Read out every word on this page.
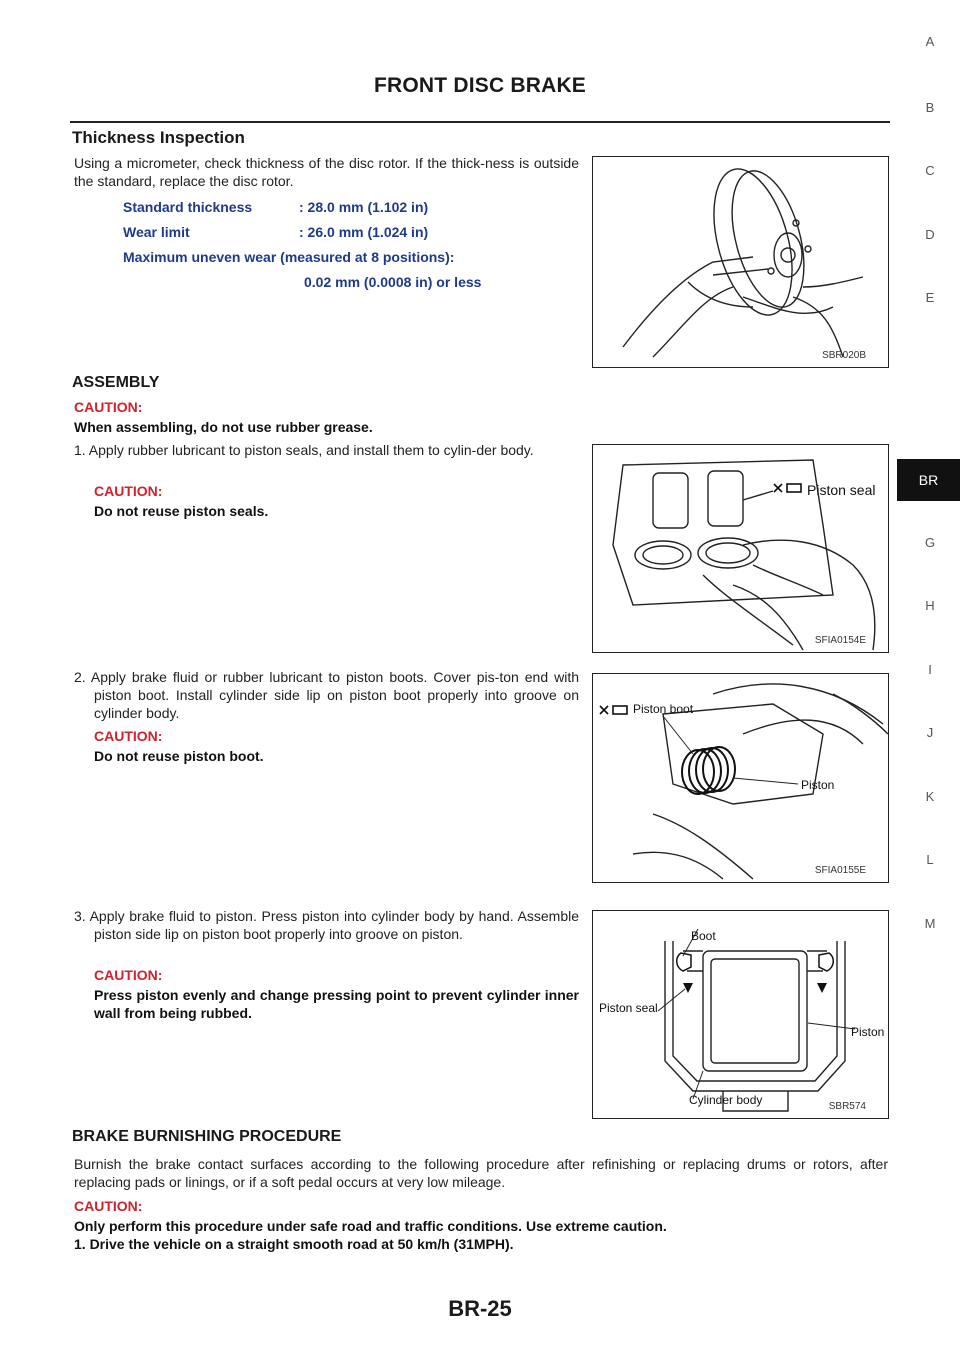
FRONT DISC BRAKE
A
B
C
D
E
BR
G
H
I
J
K
L
M
Thickness Inspection
Using a micrometer, check thickness of the disc rotor. If the thick-ness is outside the standard, replace the disc rotor.
Standard thickness	: 28.0 mm (1.102 in)
Wear limit	: 26.0 mm (1.024 in)
Maximum uneven wear (measured at 8 positions):
0.02 mm (0.0008 in) or less
SBR020B
ASSEMBLY
CAUTION:
When assembling, do not use rubber grease.
1. Apply rubber lubricant to piston seals, and install them to cylin-der body.
CAUTION:
Do not reuse piston seals.
Piston seal
SFIA0154E
2. Apply brake fluid or rubber lubricant to piston boots. Cover pis-ton end with piston boot. Install cylinder side lip on piston boot properly into groove on cylinder body.
CAUTION:
Do not reuse piston boot.
Piston boot
Piston
SFIA0155E
3. Apply brake fluid to piston. Press piston into cylinder body by hand. Assemble piston side lip on piston boot properly into groove on piston.
CAUTION:
Press piston evenly and change pressing point to prevent cylinder inner wall from being rubbed.
Boot
Piston seal
Piston
Cylinder body	SBR574
BRAKE BURNISHING PROCEDURE
Burnish the brake contact surfaces according to the following procedure after refinishing or replacing drums or rotors, after replacing pads or linings, or if a soft pedal occurs at very low mileage.
CAUTION:
Only perform this procedure under safe road and traffic conditions. Use extreme caution.
1. Drive the vehicle on a straight smooth road at 50 km/h (31MPH).
BR-25
